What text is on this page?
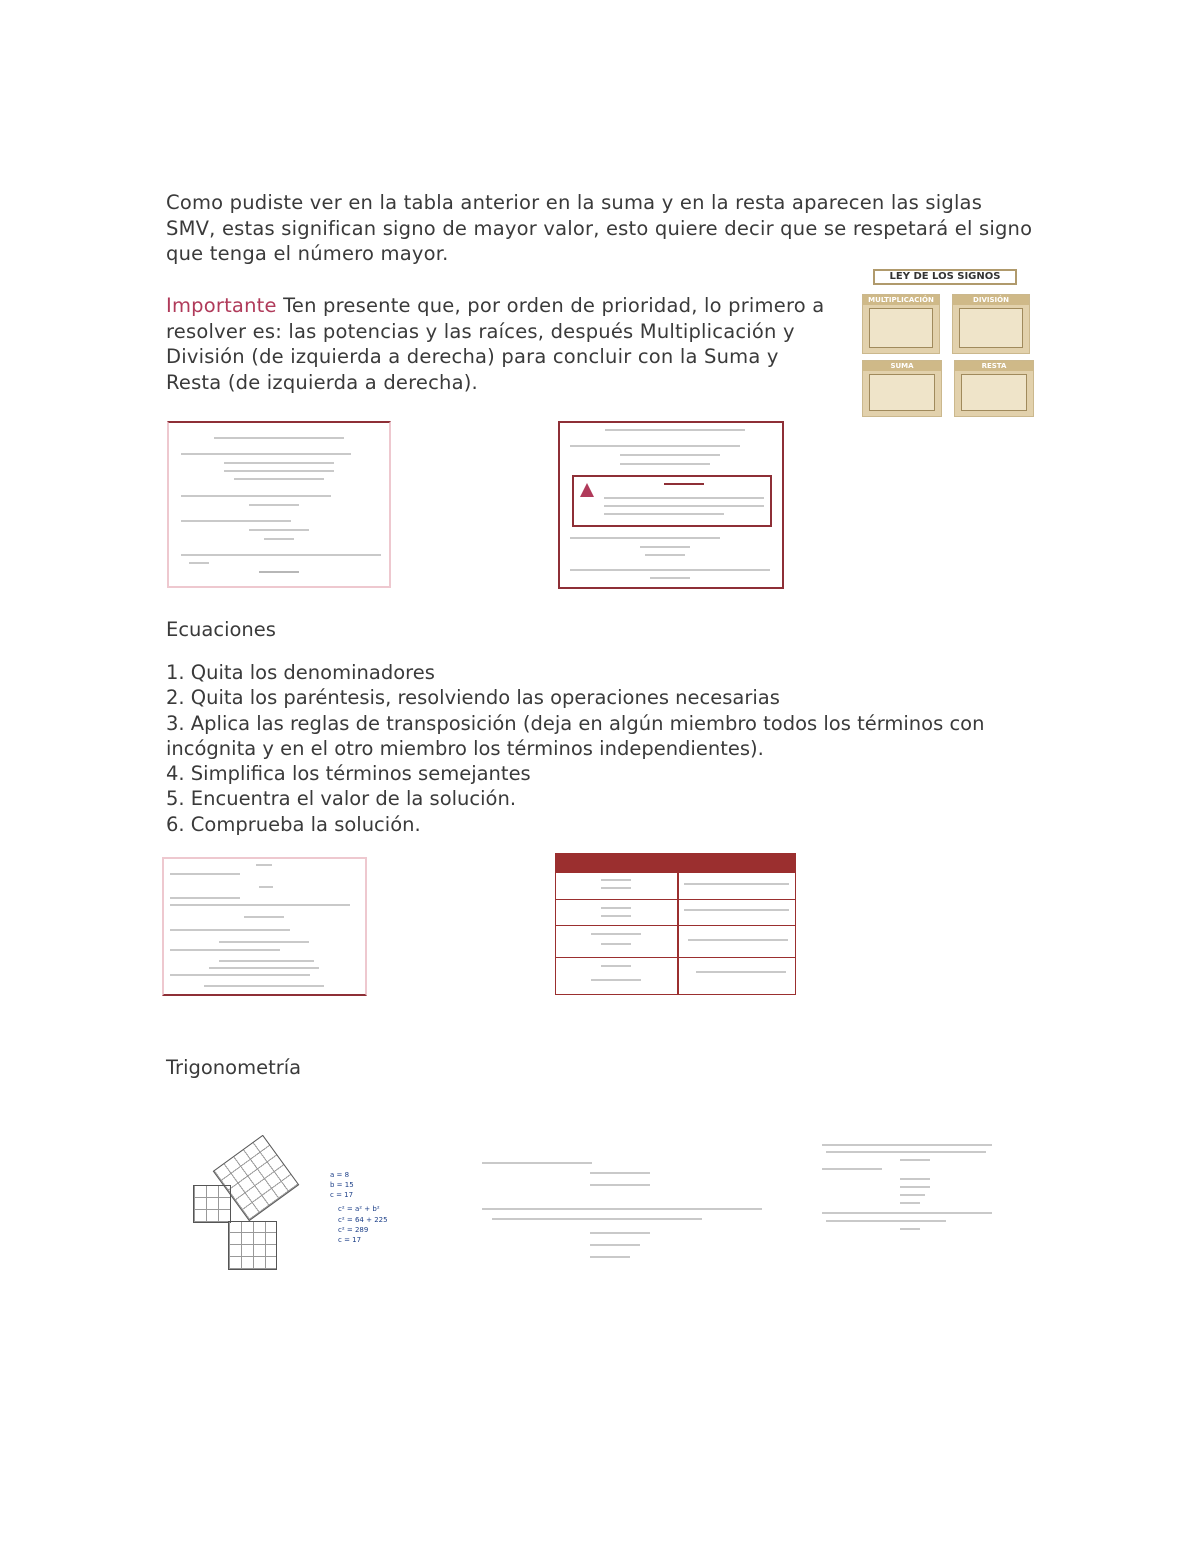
Como pudiste ver en la tabla anterior en la suma y en la resta aparecen las siglas SMV, estas significan signo de mayor valor, esto quiere decir que se respetará el signo que tenga el número mayor.

Importante Ten presente que, por orden de prioridad, lo primero a resolver es: las potencias y las raíces, después Multiplicación y División (de izquierda a derecha) para concluir con la Suma y Resta (de izquierda a derecha).

LEY DE LOS SIGNOS
MULTIPLICACIÓN	DIVISIÓN
SUMA	RESTA

Ecuaciones

1. Quita los denominadores
2. Quita los paréntesis, resolviendo las operaciones necesarias
3. Aplica las reglas de transposición (deja en algún miembro todos los términos con incógnita y en el otro miembro los términos independientes).
4. Simplifica los términos semejantes
5. Encuentra el valor de la solución.
6. Comprueba la solución.

Trigonometría

a = 8
b = 15
c = 17
c² = a² + b²
c² = 64 + 225
c² = 289
c = 17
